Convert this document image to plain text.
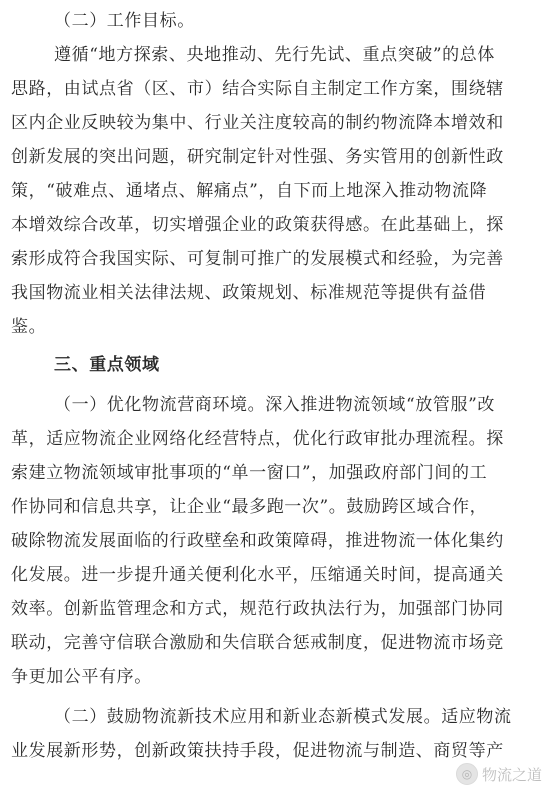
（二）工作目标。
遵循“地方探索、央地推动、先行先试、重点突破”的总体
思路，由试点省（区、市）结合实际自主制定工作方案，围绕辖
区内企业反映较为集中、行业关注度较高的制约物流降本增效和
创新发展的突出问题，研究制定针对性强、务实管用的创新性政
策，“破难点、通堵点、解痛点”，自下而上地深入推动物流降
本增效综合改革，切实增强企业的政策获得感。在此基础上，探
索形成符合我国实际、可复制可推广的发展模式和经验，为完善
我国物流业相关法律法规、政策规划、标准规范等提供有益借
鉴。
三、重点领域
（一）优化物流营商环境。深入推进物流领域“放管服”改
革，适应物流企业网络化经营特点，优化行政审批办理流程。探
索建立物流领域审批事项的“单一窗口”，加强政府部门间的工
作协同和信息共享，让企业“最多跑一次”。鼓励跨区域合作，
破除物流发展面临的行政壁垒和政策障碍，推进物流一体化集约
化发展。进一步提升通关便利化水平，压缩通关时间，提高通关
效率。创新监管理念和方式，规范行政执法行为，加强部门协同
联动，完善守信联合激励和失信联合惩戒制度，促进物流市场竞
争更加公平有序。
（二）鼓励物流新技术应用和新业态新模式发展。适应物流
业发展新形势，创新政策扶持手段，促进物流与制造、商贸等产
◎ 物流之道
